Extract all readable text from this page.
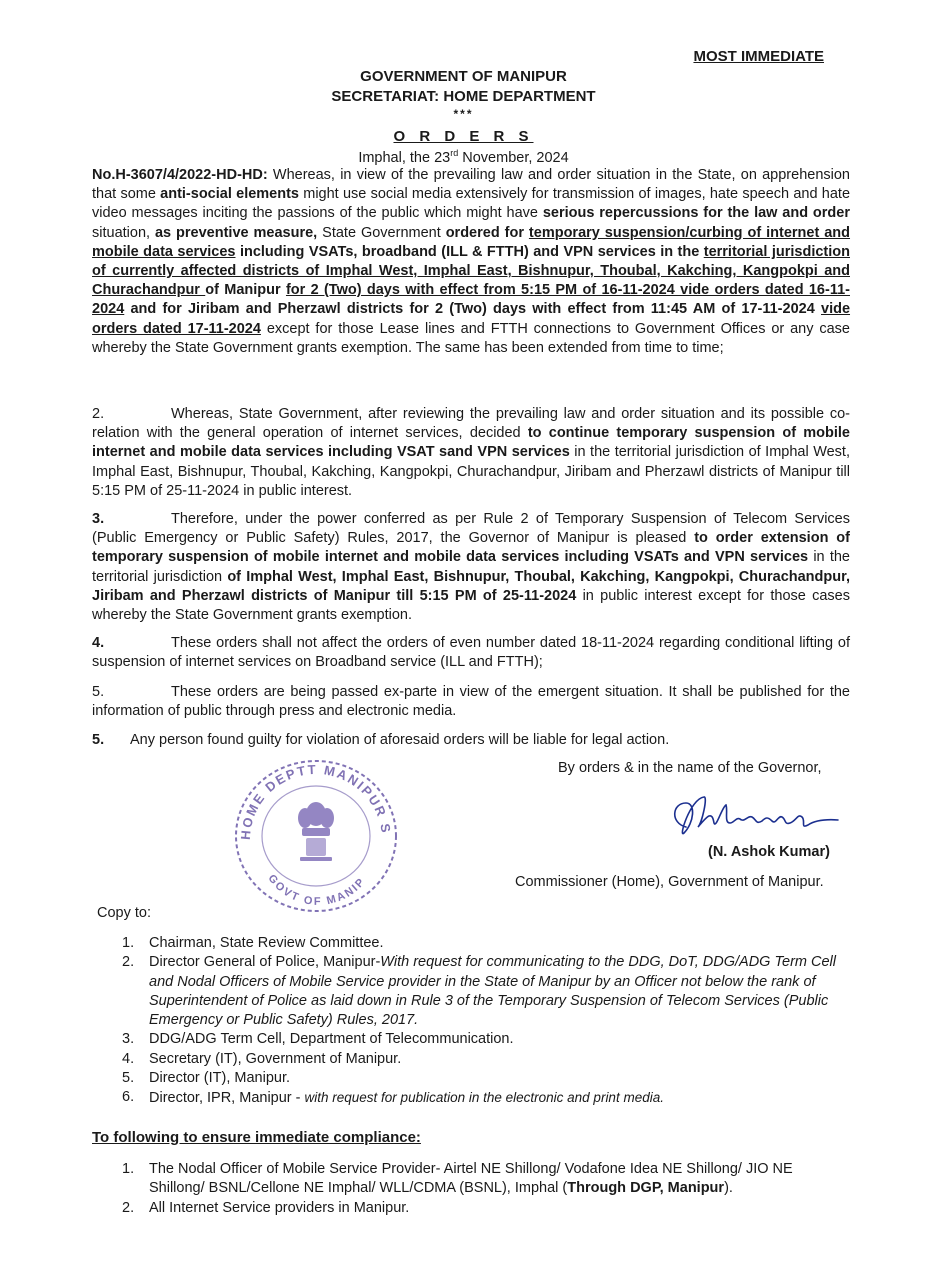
MOST IMMEDIATE
GOVERNMENT OF MANIPUR
SECRETARIAT: HOME DEPARTMENT
***
O R D E R S
Imphal, the 23rd November, 2024

No.H-3607/4/2022-HD-HD: Whereas, in view of the prevailing law and order situation in the State, on apprehension that some anti-social elements might use social media extensively for transmission of images, hate speech and hate video messages inciting the passions of the public which might have serious repercussions for the law and order situation, as preventive measure, State Government ordered for temporary suspension/curbing of internet and mobile data services including VSATs, broadband (ILL & FTTH) and VPN services in the territorial jurisdiction of currently affected districts of Imphal West, Imphal East, Bishnupur, Thoubal, Kakching, Kangpokpi and Churachandpur of Manipur for 2 (Two) days with effect from 5:15 PM of 16-11-2024 vide orders dated 16-11-2024 and for Jiribam and Pherzawl districts for 2 (Two) days with effect from 11:45 AM of 17-11-2024 vide orders dated 17-11-2024 except for those Lease lines and FTTH connections to Government Offices or any case whereby the State Government grants exemption. The same has been extended from time to time;

2.	Whereas, State Government, after reviewing the prevailing law and order situation and its possible co-relation with the general operation of internet services, decided to continue temporary suspension of mobile internet and mobile data services including VSAT sand VPN services in the territorial jurisdiction of Imphal West, Imphal East, Bishnupur, Thoubal, Kakching, Kangpokpi, Churachandpur, Jiribam and Pherzawl districts of Manipur till 5:15 PM of 25-11-2024 in public interest.

3.	Therefore, under the power conferred as per Rule 2 of Temporary Suspension of Telecom Services (Public Emergency or Public Safety) Rules, 2017, the Governor of Manipur is pleased to order extension of temporary suspension of mobile internet and mobile data services including VSATs and VPN services in the territorial jurisdiction of Imphal West, Imphal East, Bishnupur, Thoubal, Kakching, Kangpokpi, Churachandpur, Jiribam and Pherzawl districts of Manipur till 5:15 PM of 25-11-2024 in public interest except for those cases whereby the State Government grants exemption.

4.	These orders shall not affect the orders of even number dated 18-11-2024 regarding conditional lifting of suspension of internet services on Broadband service (ILL and FTTH);

5.	These orders are being passed ex-parte in view of the emergent situation. It shall be published for the information of public through press and electronic media.

5. Any person found guilty for violation of aforesaid orders will be liable for legal action.

By orders & in the name of the Governor,
HOME DEPTT MANIPUR S
GOVT OF MANIP
(N. Ashok Kumar)
Commissioner (Home), Government of Manipur.
Copy to:
1. Chairman, State Review Committee.
2. Director General of Police, Manipur-With request for communicating to the DDG, DoT, DDG/ADG Term Cell and Nodal Officers of Mobile Service provider in the State of Manipur by an Officer not below the rank of Superintendent of Police as laid down in Rule 3 of the Temporary Suspension of Telecom Services (Public Emergency or Public Safety) Rules, 2017.
3. DDG/ADG Term Cell, Department of Telecommunication.
4. Secretary (IT), Government of Manipur.
5. Director (IT), Manipur.
6. Director, IPR, Manipur - with request for publication in the electronic and print media.
To following to ensure immediate compliance:
1. The Nodal Officer of Mobile Service Provider- Airtel NE Shillong/ Vodafone Idea NE Shillong/ JIO NE Shillong/ BSNL/Cellone NE Imphal/ WLL/CDMA (BSNL), Imphal (Through DGP, Manipur).
2. All Internet Service providers in Manipur.
